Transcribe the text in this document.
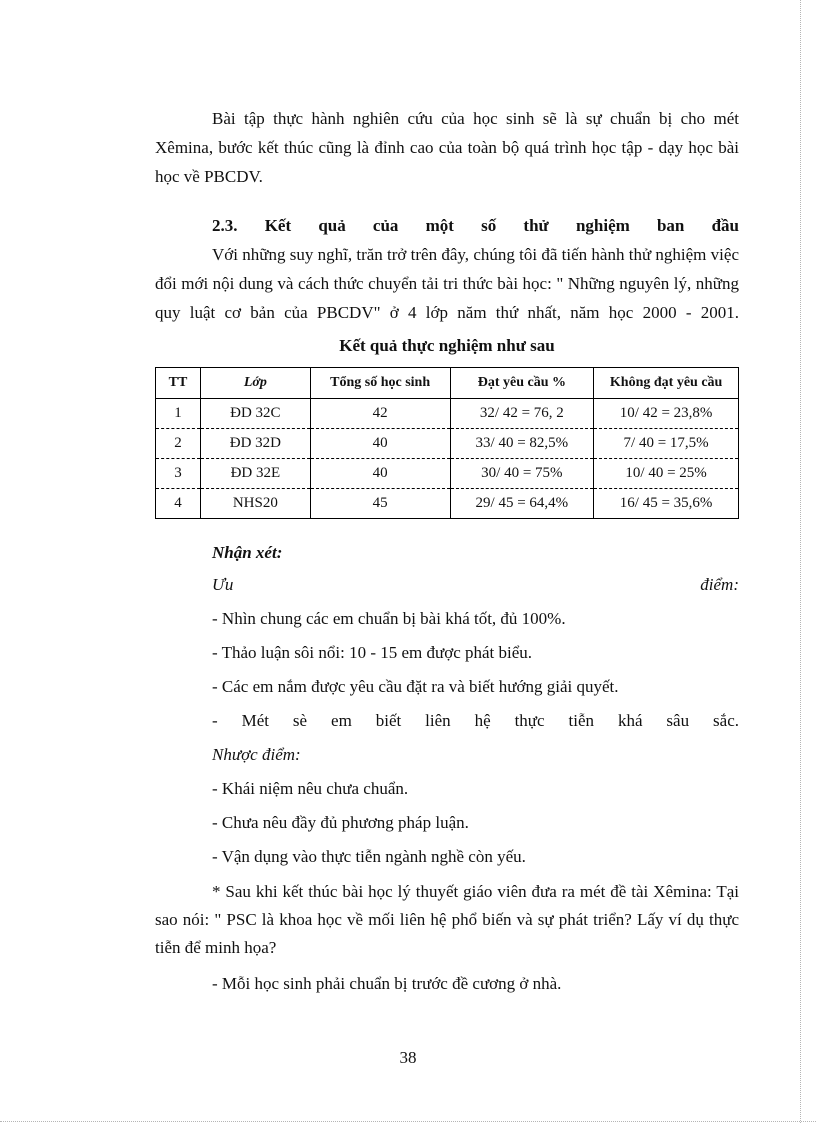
Bài tập thực hành nghiên cứu của học sinh sẽ là sự chuẩn bị cho mét Xêmina, bước kết thúc cũng là đỉnh cao của toàn bộ quá trình học tập - dạy học bài học về PBCDV.

2.3. Kết quả của một số thử nghiệm ban đầu

Với những suy nghĩ, trăn trở trên đây, chúng tôi đã tiến hành thử nghiệm việc đổi mới nội dung và cách thức chuyển tải tri thức bài học: " Những nguyên lý, những quy luật cơ bản của PBCDV" ở 4 lớp năm thứ nhất, năm học 2000 - 2001.

Kết quả thực nghiệm như sau
TT	Lớp	Tổng số học sinh	Đạt yêu cầu %	Không đạt yêu cầu
1	ĐD 32C	42	32/ 42 = 76, 2	10/ 42 = 23,8%
2	ĐD 32D	40	33/ 40 = 82,5%	7/ 40 = 17,5%
3	ĐD 32E	40	30/ 40 = 75%	10/ 40 = 25%
4	NHS20	45	29/ 45 = 64,4%	16/ 45 = 35,6%

Nhận xét:

Ưu điểm:

- Nhìn chung các em chuẩn bị bài khá tốt, đủ 100%.

- Thảo luận sôi nổi: 10 - 15 em được phát biểu.

- Các em nắm được yêu cầu đặt ra và biết hướng giải quyết.

- Mét sè em biết liên hệ thực tiễn khá sâu sắc.

Nhược điểm:

- Khái niệm nêu chưa chuẩn.

- Chưa nêu đầy đủ phương pháp luận.

- Vận dụng vào thực tiễn ngành nghề còn yếu.

* Sau khi kết thúc bài học lý thuyết giáo viên đưa ra mét đề tài Xêmina: Tại sao nói: " PSC là khoa học về mối liên hệ phổ biến và sự phát triển? Lấy ví dụ thực tiễn để minh họa?

- Mỗi học sinh phải chuẩn bị trước đề cương ở nhà.

38
